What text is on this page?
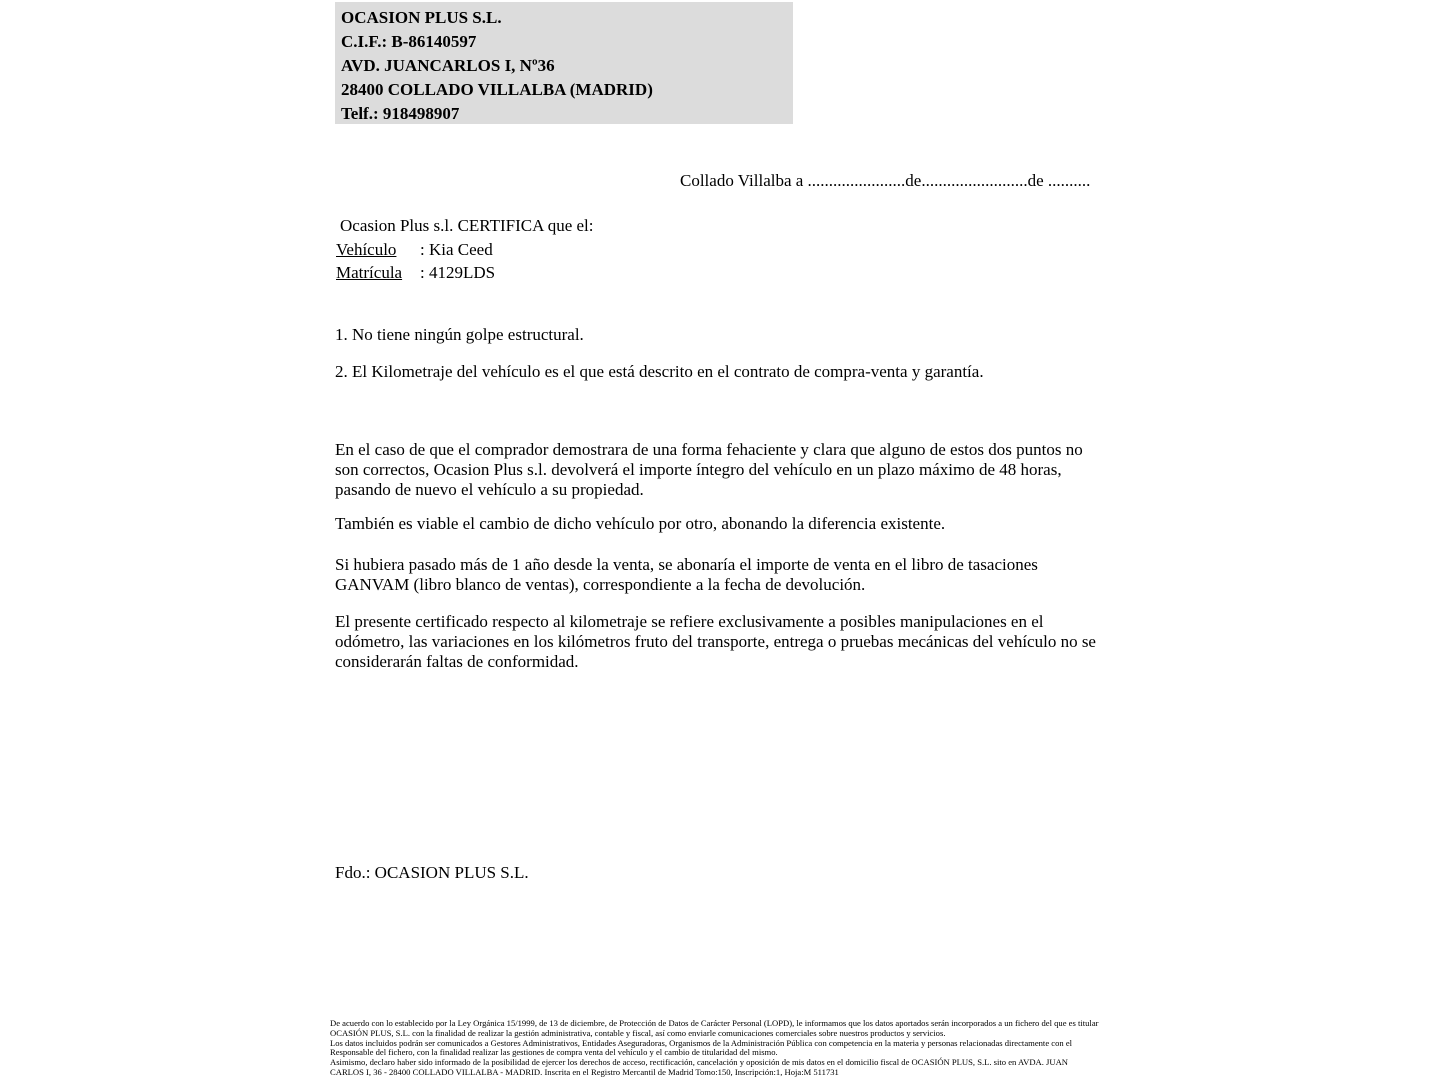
OCASION PLUS S.L.
C.I.F.: B-86140597
AVD. JUANCARLOS I, Nº36
28400 COLLADO VILLALBA (MADRID)
Telf.: 918498907
Collado Villalba a .......................de.........................de ..........
Ocasion Plus s.l. CERTIFICA que el:
Vehículo : Kia Ceed
Matrícula : 4129LDS
1. No tiene ningún golpe estructural.
2. El Kilometraje del vehículo es el que está descrito en el contrato de compra-venta y garantía.
En el caso de que el comprador demostrara de una forma fehaciente y clara que alguno de estos dos puntos no son correctos, Ocasion Plus s.l. devolverá el importe íntegro del vehículo en un plazo máximo de 48 horas, pasando de nuevo el vehículo a su propiedad.
También es viable el cambio de dicho vehículo por otro, abonando la diferencia existente.
Si hubiera pasado más de 1 año desde la venta, se abonaría el importe de venta en el libro de tasaciones GANVAM (libro blanco de ventas), correspondiente a la fecha de devolución.
El presente certificado respecto al kilometraje se refiere exclusivamente a posibles manipulaciones en el odómetro, las variaciones en los kilómetros fruto del transporte, entrega o pruebas mecánicas del vehículo no se considerarán faltas de conformidad.
Fdo.: OCASION PLUS S.L.

De acuerdo con lo establecido por la Ley Orgánica 15/1999, de 13 de diciembre, de Protección de Datos de Carácter Personal (LOPD), le informamos que los datos aportados serán incorporados a un fichero del que es titular OCASIÓN PLUS, S.L. con la finalidad de realizar la gestión administrativa, contable y fiscal, así como enviarle comunicaciones comerciales sobre nuestros productos y servicios.

Los datos incluidos podrán ser comunicados a Gestores Administrativos, Entidades Aseguradoras, Organismos de la Administración Pública con competencia en la materia y personas relacionadas directamente con el Responsable del fichero, con la finalidad realizar las gestiones de compra venta del vehículo y el cambio de titularidad del mismo.

Asimismo, declaro haber sido informado de la posibilidad de ejercer los derechos de acceso, rectificación, cancelación y oposición de mis datos en el domicilio fiscal de OCASIÓN PLUS, S.L. sito en AVDA. JUAN CARLOS I, 36 - 28400 COLLADO VILLALBA - MADRID. Inscrita en el Registro Mercantil de Madrid Tomo:150, Inscripción:1, Hoja:M 511731
